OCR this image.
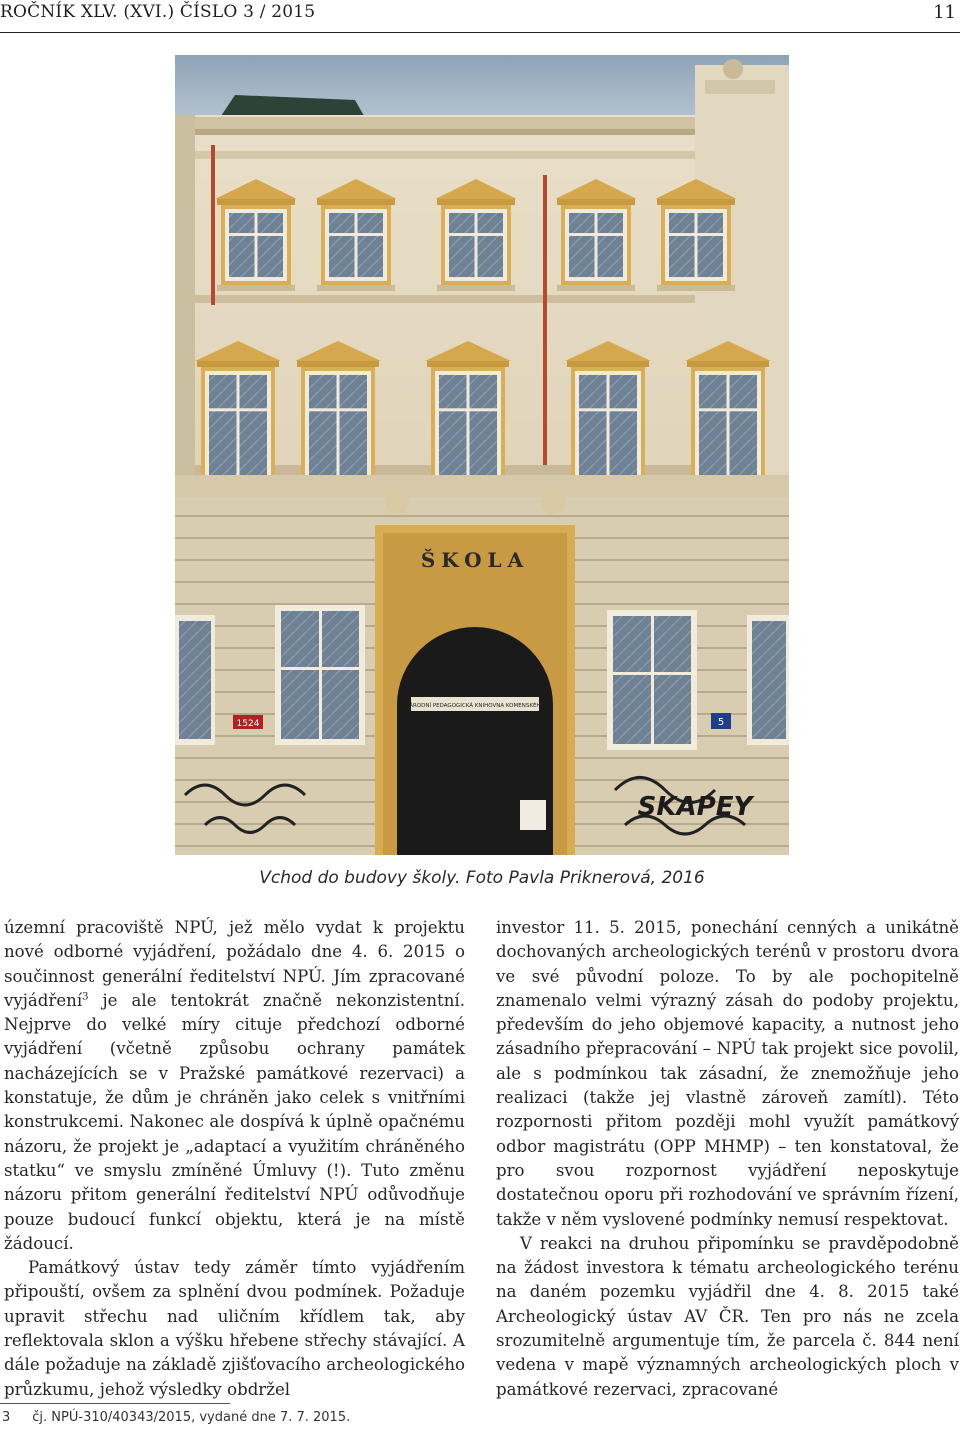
ROČNÍK XLV. (XVI.) ČÍSLO 3 / 2015	11
NÁRODNÍ PEDAGOGICKÁ KNIHOVNA KOMENSKÉHO
ŠKOLA
1524	5
SKAPEY
Vchod do budovy školy. Foto Pavla Priknerová, 2016

územní pracoviště NPÚ, jež mělo vydat k projektu nové odborné vyjádření, požádalo dne 4. 6. 2015 o součinnost generální ředitelství NPÚ. Jím zpracované vyjádření$^3$ je ale tentokrát značně nekonzistentní. Nejprve do velké míry cituje předchozí odborné vyjádření (včetně způsobu ochrany památek nacházejících se v Pražské památkové rezervaci) a konstatuje, že dům je chráněn jako celek s vnitřními konstrukcemi. Nakonec ale dospívá k úplně opačnému názoru, že projekt je „adaptací a využitím chráněného statku“ ve smyslu zmíněné Úmluvy (!). Tuto změnu názoru přitom generální ředitelství NPÚ odůvodňuje pouze budoucí funkcí objektu, která je na místě žádoucí.

Památkový ústav tedy záměr tímto vyjádřením připouští, ovšem za splnění dvou podmínek. Požaduje upravit střechu nad uličním křídlem tak, aby reflektovala sklon a výšku hřebene střechy stávající. A dále požaduje na základě zjišťovacího archeologického průzkumu, jehož výsledky obdržel

investor 11. 5. 2015, ponechání cenných a unikátně dochovaných archeologických terénů v prostoru dvora ve své původní poloze. To by ale pochopitelně znamenalo velmi výrazný zásah do podoby projektu, především do jeho objemové kapacity, a nutnost jeho zásadního přepracování – NPÚ tak projekt sice povolil, ale s podmínkou tak zásadní, že znemožňuje jeho realizaci (takže jej vlastně zároveň zamítl). Této rozpornosti přitom později mohl využít památkový odbor magistrátu (OPP MHMP) – ten konstatoval, že pro svou rozpornost vyjádření neposkytuje dostatečnou oporu při rozhodování ve správním řízení, takže v něm vyslovené podmínky nemusí respektovat.

V reakci na druhou připomínku se pravděpodobně na žádost investora k tématu archeologického terénu na daném pozemku vyjádřil dne 4. 8. 2015 také Archeologický ústav AV ČR. Ten pro nás ne zcela srozumitelně argumentuje tím, že parcela č. 844 není vedena v mapě významných archeologických ploch v památkové rezervaci, zpracované

3 čj. NPÚ-310/40343/2015, vydané dne 7. 7. 2015.
